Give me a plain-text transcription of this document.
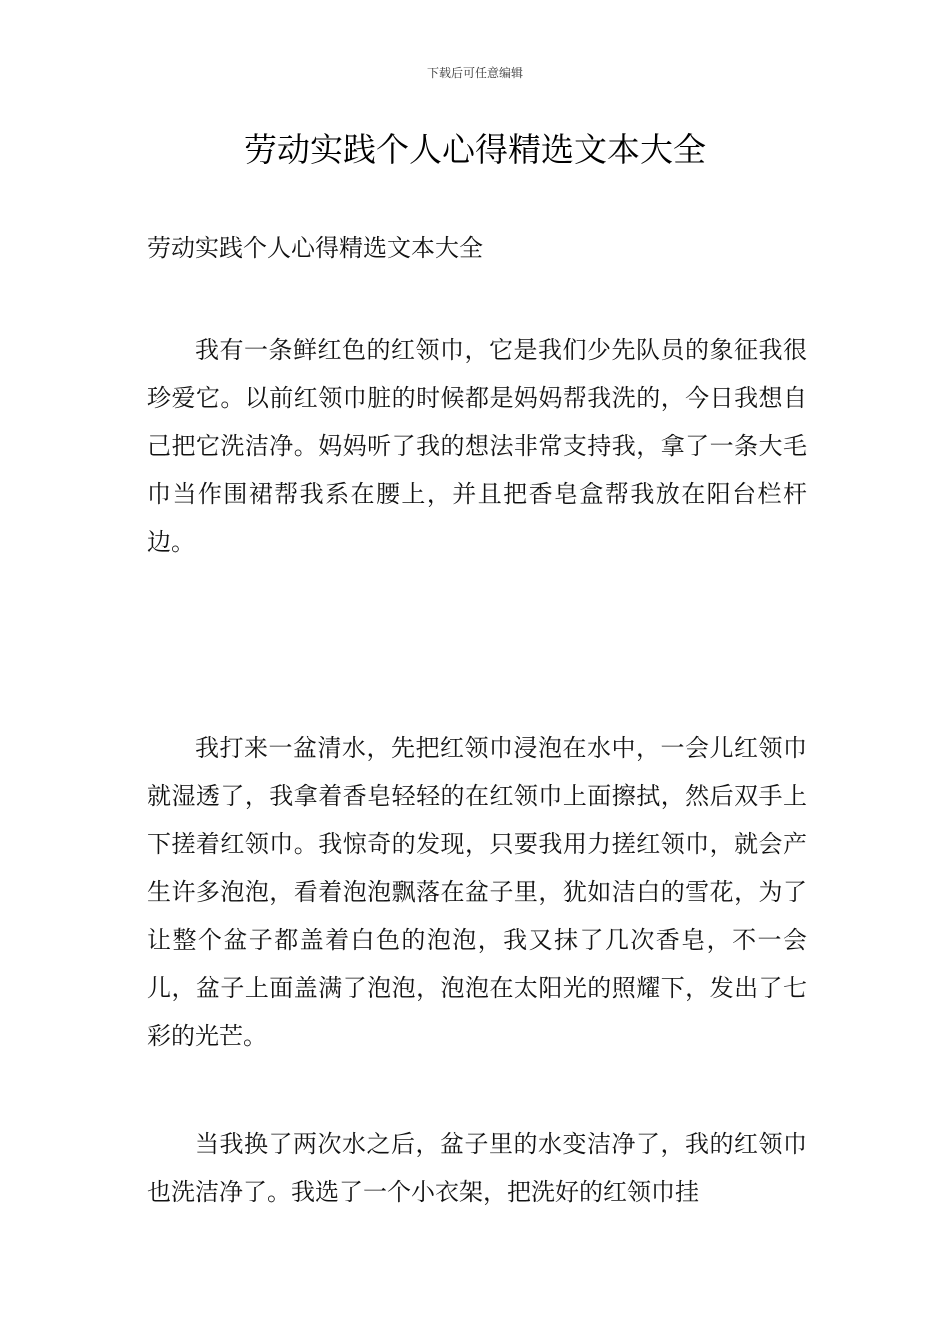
下载后可任意编辑
劳动实践个人心得精选文本大全

劳动实践个人心得精选文本大全

我有一条鲜红色的红领巾，它是我们少先队员的象征我很珍爱它。以前红领巾脏的时候都是妈妈帮我洗的，今日我想自己把它洗洁净。妈妈听了我的想法非常支持我，拿了一条大毛巾当作围裙帮我系在腰上，并且把香皂盒帮我放在阳台栏杆边。

我打来一盆清水，先把红领巾浸泡在水中，一会儿红领巾就湿透了，我拿着香皂轻轻的在红领巾上面擦拭，然后双手上下搓着红领巾。我惊奇的发现，只要我用力搓红领巾，就会产生许多泡泡，看着泡泡飘落在盆子里，犹如洁白的雪花，为了让整个盆子都盖着白色的泡泡，我又抹了几次香皂，不一会儿，盆子上面盖满了泡泡，泡泡在太阳光的照耀下，发出了七彩的光芒。

当我换了两次水之后，盆子里的水变洁净了，我的红领巾也洗洁净了。我选了一个小衣架，把洗好的红领巾挂
